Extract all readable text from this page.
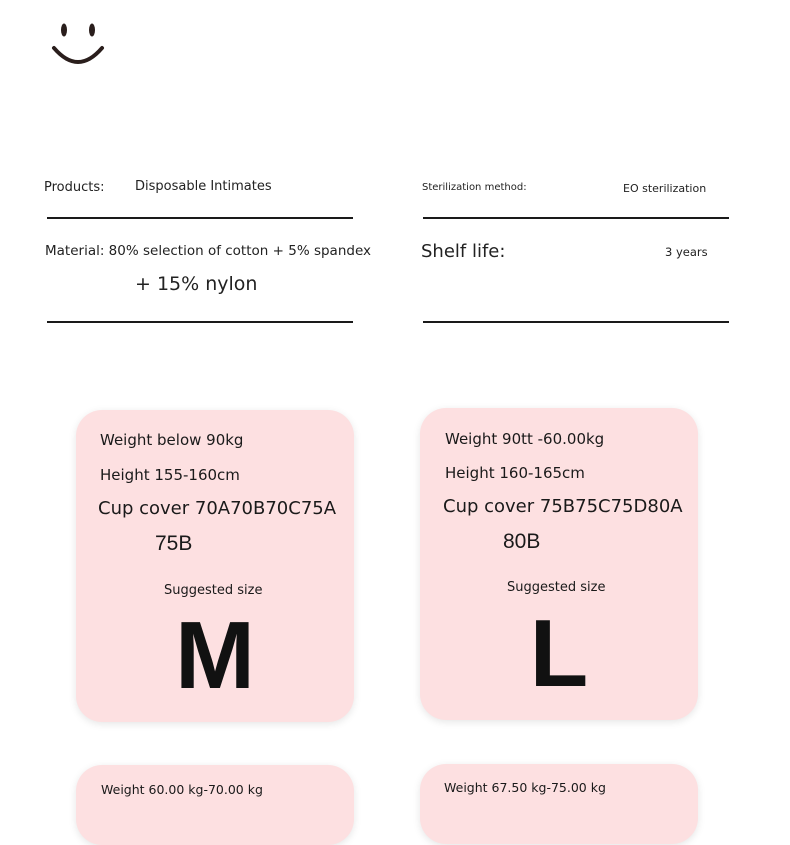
Products: Disposable Intimates	Sterilization method:	EO sterilization
Material: 80% selection of cotton + 5% spandex
+ 15% nylon
Shelf life:	3 years
Weight below 90kg
Height 155-160cm
Cup cover 70A70B70C75A
75B
Suggested size
M
Weight 90tt -60.00kg
Height 160-165cm
Cup cover 75B75C75D80A
80B
Suggested size
L
Weight 60.00 kg-70.00 kg	Weight 67.50 kg-75.00 kg
